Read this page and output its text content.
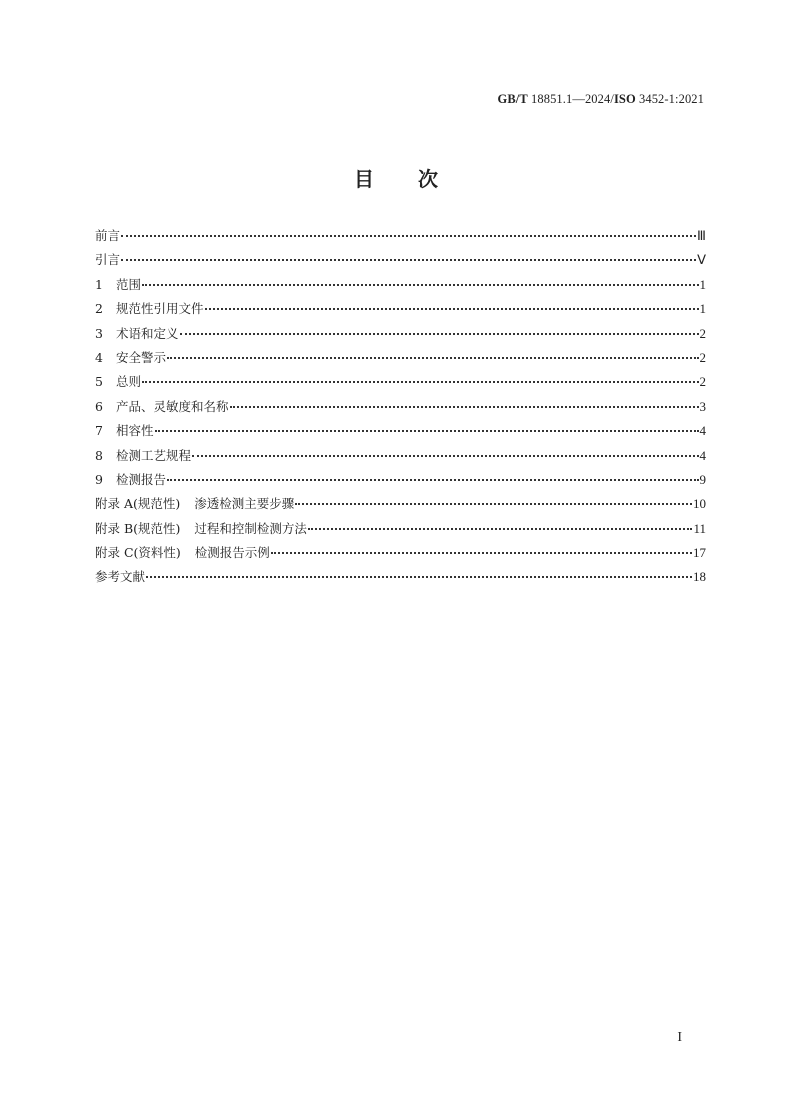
GB/T 18851.1—2024/ISO 3452-1:2021
目 次
前言	Ⅲ
引言	Ⅴ
1 范围	1
2 规范性引用文件	1
3 术语和定义	2
4 安全警示	2
5 总则	2
6 产品、灵敏度和名称	3
7 相容性	4
8 检测工艺规程	4
9 检测报告	9
附录 A(规范性) 渗透检测主要步骤	10
附录 B(规范性) 过程和控制检测方法	11
附录 C(资料性) 检测报告示例	17
参考文献	18
I
